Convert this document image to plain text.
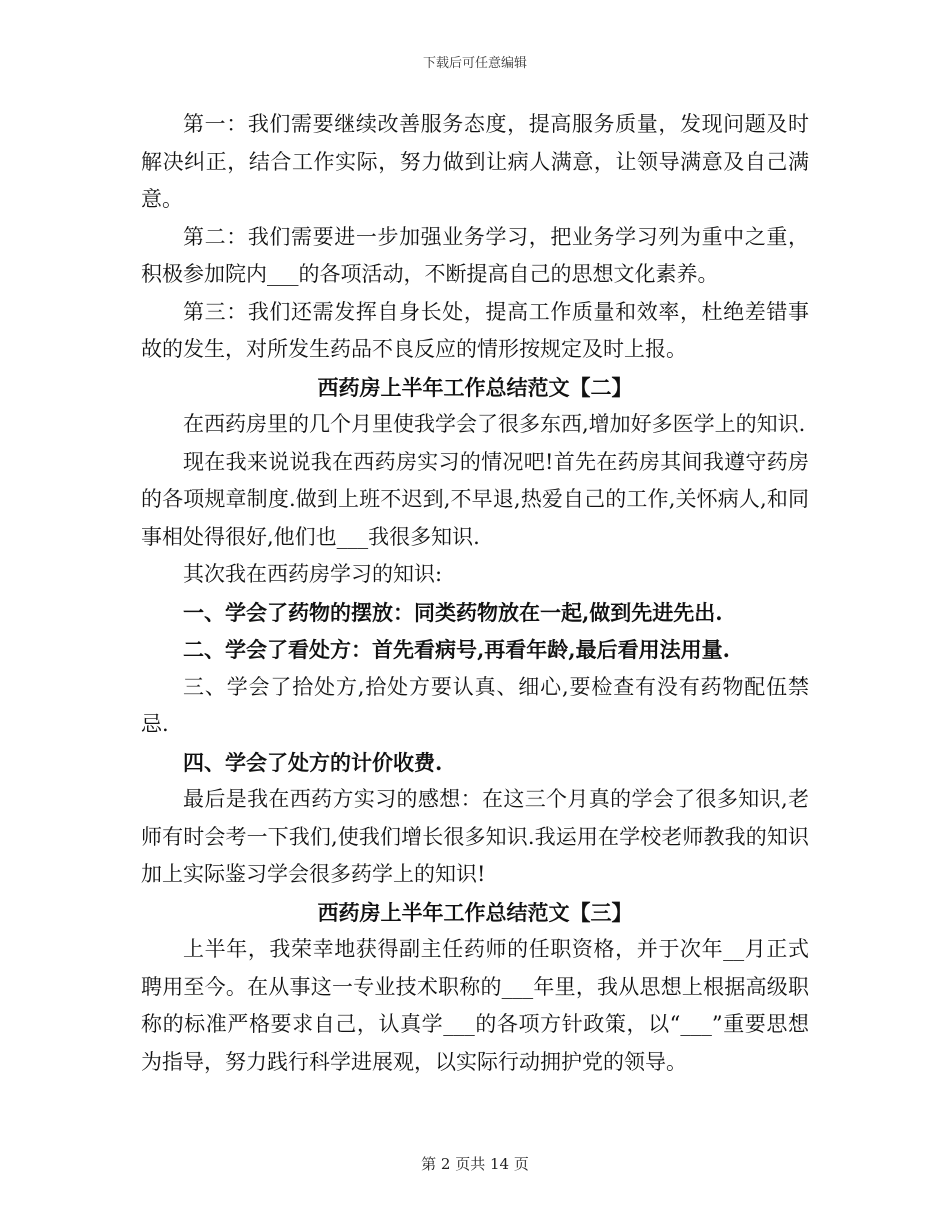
下载后可任意编辑

第一：我们需要继续改善服务态度，提高服务质量，发现问题及时解决纠正，结合工作实际，努力做到让病人满意，让领导满意及自己满意。

第二：我们需要进一步加强业务学习，把业务学习列为重中之重，积极参加院内___的各项活动，不断提高自己的思想文化素养。

第三：我们还需发挥自身长处，提高工作质量和效率，杜绝差错事故的发生，对所发生药品不良反应的情形按规定及时上报。

西药房上半年工作总结范文【二】

在西药房里的几个月里使我学会了很多东西,增加好多医学上的知识.

现在我来说说我在西药房实习的情况吧!首先在药房其间我遵守药房的各项规章制度.做到上班不迟到,不早退,热爱自己的工作,关怀病人,和同事相处得很好,他们也___我很多知识.

其次我在西药房学习的知识:

一、学会了药物的摆放：同类药物放在一起,做到先进先出.

二、学会了看处方：首先看病号,再看年龄,最后看用法用量.

三、学会了拾处方,拾处方要认真、细心,要检查有没有药物配伍禁忌.

四、学会了处方的计价收费.

最后是我在西药方实习的感想：在这三个月真的学会了很多知识,老师有时会考一下我们,使我们增长很多知识.我运用在学校老师教我的知识加上实际鉴习学会很多药学上的知识!

西药房上半年工作总结范文【三】

上半年，我荣幸地获得副主任药师的任职资格，并于次年__月正式聘用至今。在从事这一专业技术职称的___年里，我从思想上根据高级职称的标准严格要求自己，认真学___的各项方针政策，以“___”重要思想为指导，努力践行科学进展观，以实际行动拥护党的领导。

第 2 页共 14 页
